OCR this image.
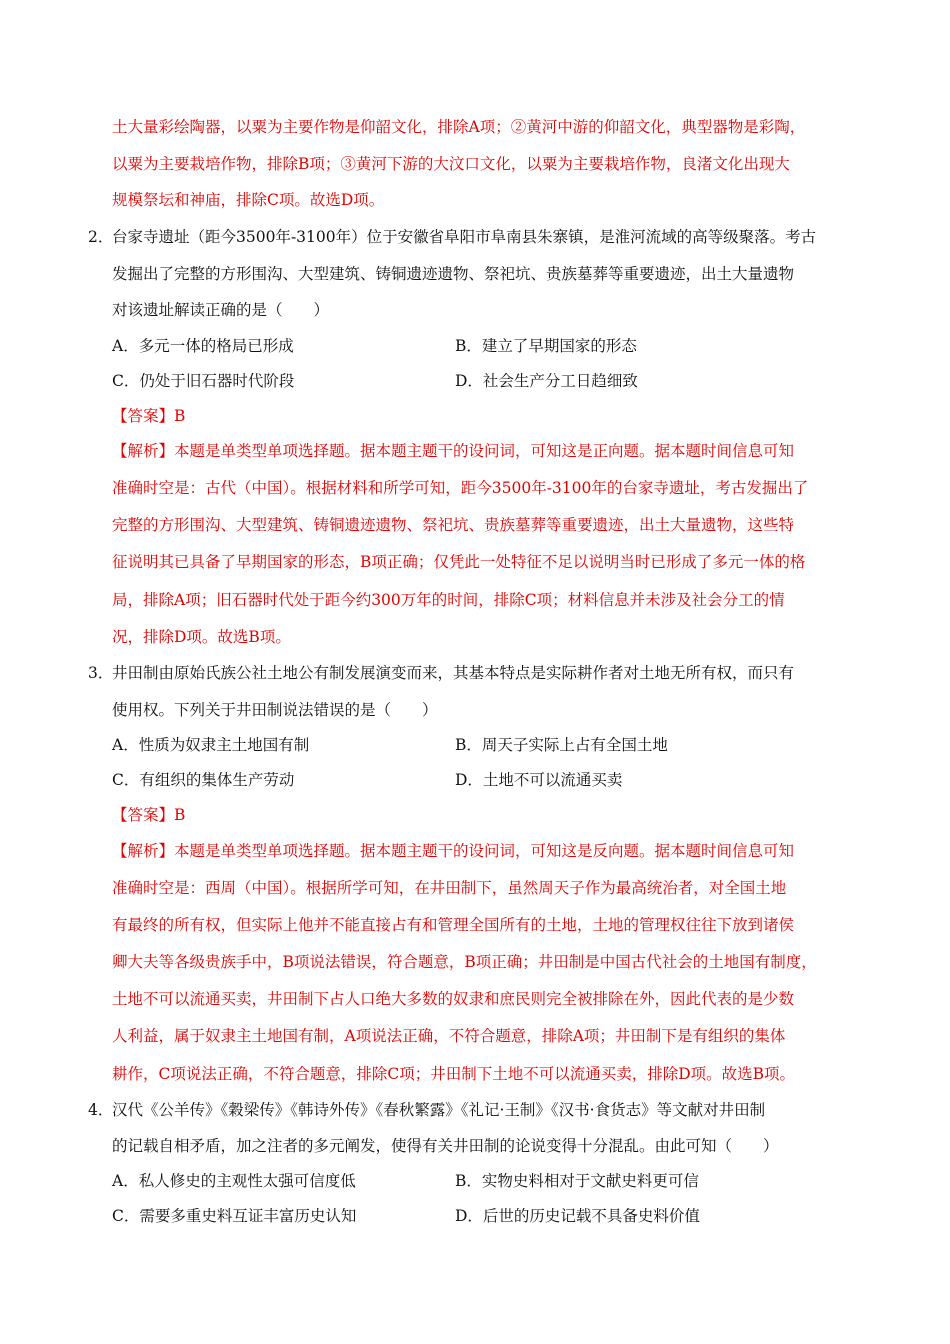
土大量彩绘陶器，以粟为主要作物是仰韶文化，排除A项；②黄河中游的仰韶文化，典型器物是彩陶，
以粟为主要栽培作物，排除B项；③黄河下游的大汶口文化，以粟为主要栽培作物，良渚文化出现大
规模祭坛和神庙，排除C项。故选D项。
2．
台家寺遗址（距今3500年-3100年）位于安徽省阜阳市阜南县朱寨镇，是淮河流域的高等级聚落。考古
发掘出了完整的方形围沟、大型建筑、铸铜遗迹遗物、祭祀坑、贵族墓葬等重要遗迹，出土大量遗物
对该遗址解读正确的是（　　）
A．多元一体的格局已形成	B．建立了早期国家的形态
C．仍处于旧石器时代阶段	D．社会生产分工日趋细致
【答案】B
【解析】本题是单类型单项选择题。据本题主题干的设问词，可知这是正向题。据本题时间信息可知
准确时空是：古代（中国）。根据材料和所学可知，距今3500年-3100年的台家寺遗址，考古发掘出了
完整的方形围沟、大型建筑、铸铜遗迹遗物、祭祀坑、贵族墓葬等重要遗迹，出土大量遗物，这些特
征说明其已具备了早期国家的形态，B项正确；仅凭此一处特征不足以说明当时已形成了多元一体的格
局，排除A项；旧石器时代处于距今约300万年的时间，排除C项；材料信息并未涉及社会分工的情
况，排除D项。故选B项。
3．
井田制由原始氏族公社土地公有制发展演变而来，其基本特点是实际耕作者对土地无所有权，而只有
使用权。下列关于井田制说法错误的是（　　）
A．性质为奴隶主土地国有制	B．周天子实际上占有全国土地
C．有组织的集体生产劳动	D．土地不可以流通买卖
【答案】B
【解析】本题是单类型单项选择题。据本题主题干的设问词，可知这是反向题。据本题时间信息可知
准确时空是：西周（中国）。根据所学可知，在井田制下，虽然周天子作为最高统治者，对全国土地
有最终的所有权，但实际上他并不能直接占有和管理全国所有的土地，土地的管理权往往下放到诸侯
卿大夫等各级贵族手中，B项说法错误，符合题意，B项正确；井田制是中国古代社会的土地国有制度，
土地不可以流通买卖，井田制下占人口绝大多数的奴隶和庶民则完全被排除在外，因此代表的是少数
人利益，属于奴隶主土地国有制，A项说法正确，不符合题意，排除A项；井田制下是有组织的集体
耕作，C项说法正确，不符合题意，排除C项；井田制下土地不可以流通买卖，排除D项。故选B项。
4．
汉代《公羊传》《穀梁传》《韩诗外传》《春秋繁露》《礼记·王制》《汉书·食货志》等文献对井田制
的记载自相矛盾，加之注者的多元阐发，使得有关井田制的论说变得十分混乱。由此可知（　　）
A．私人修史的主观性太强可信度低	B．实物史料相对于文献史料更可信
C．需要多重史料互证丰富历史认知	D．后世的历史记载不具备史料价值
